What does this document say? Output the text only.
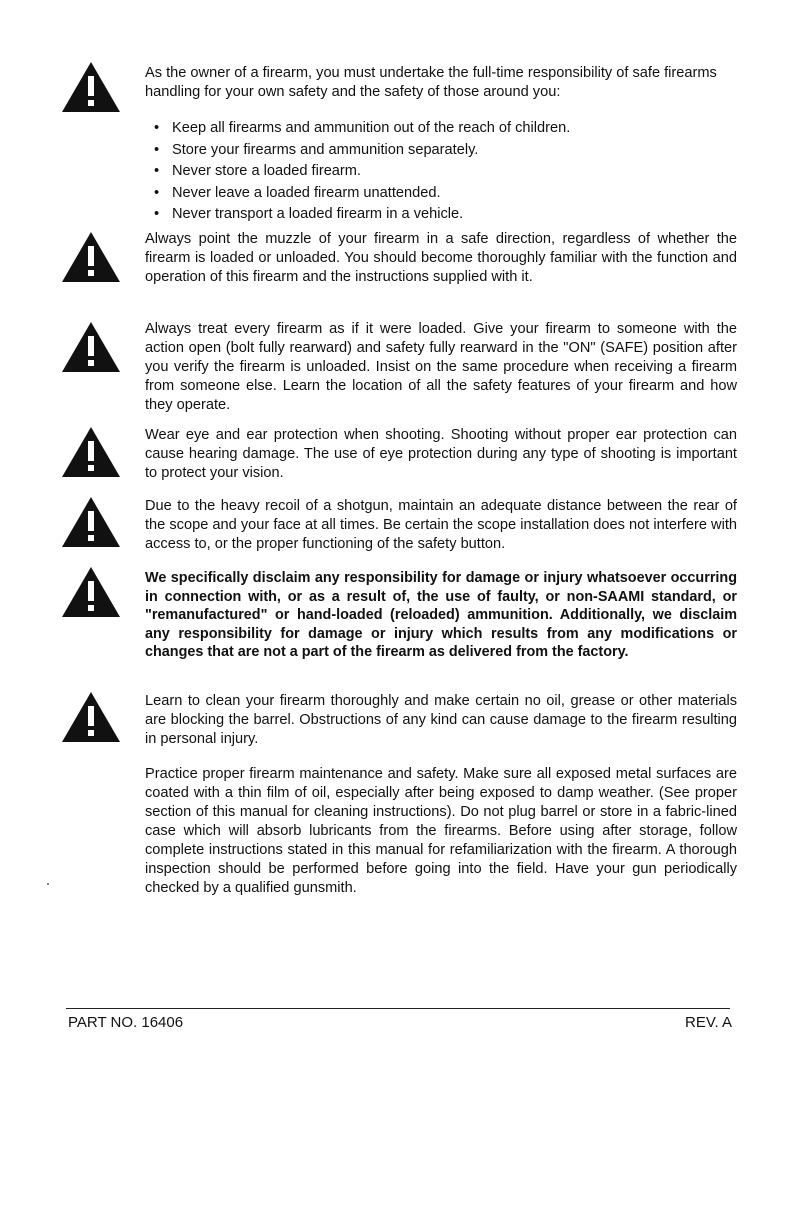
As the owner of a firearm, you must undertake the full-time responsibility of safe firearms handling for your own safety and the safety of those around you:

• Keep all firearms and ammunition out of the reach of children.
• Store your firearms and ammunition separately.
• Never store a loaded firearm.
• Never leave a loaded firearm unattended.
• Never transport a loaded firearm in a vehicle.

Always point the muzzle of your firearm in a safe direction, regardless of whether the firearm is loaded or unloaded. You should become thoroughly familiar with the function and operation of this firearm and the instructions supplied with it.

Always treat every firearm as if it were loaded. Give your firearm to someone with the action open (bolt fully rearward) and safety fully rearward in the "ON" (SAFE) position after you verify the firearm is unloaded. Insist on the same procedure when receiving a firearm from someone else. Learn the location of all the safety features of your firearm and how they operate.

Wear eye and ear protection when shooting. Shooting without proper ear protection can cause hearing damage. The use of eye protection during any type of shooting is important to protect your vision.

Due to the heavy recoil of a shotgun, maintain an adequate distance between the rear of the scope and your face at all times. Be certain the scope installation does not interfere with access to, or the proper functioning of the safety button.

We specifically disclaim any responsibility for damage or injury whatsoever occurring in connection with, or as a result of, the use of faulty, or non-SAAMI standard, or "remanufactured" or hand-loaded (reloaded) ammunition. Additionally, we disclaim any responsibility for damage or injury which results from any modifications or changes that are not a part of the firearm as delivered from the factory.

Learn to clean your firearm thoroughly and make certain no oil, grease or other materials are blocking the barrel. Obstructions of any kind can cause damage to the firearm resulting in personal injury.

Practice proper firearm maintenance and safety. Make sure all exposed metal surfaces are coated with a thin film of oil, especially after being exposed to damp weather. (See proper section of this manual for cleaning instructions). Do not plug barrel or store in a fabric-lined case which will absorb lubricants from the firearms. Before using after storage, follow complete instructions stated in this manual for refamiliarization with the firearm. A thorough inspection should be performed before going into the field. Have your gun periodically checked by a qualified gunsmith.

PART NO. 16406	REV. A
